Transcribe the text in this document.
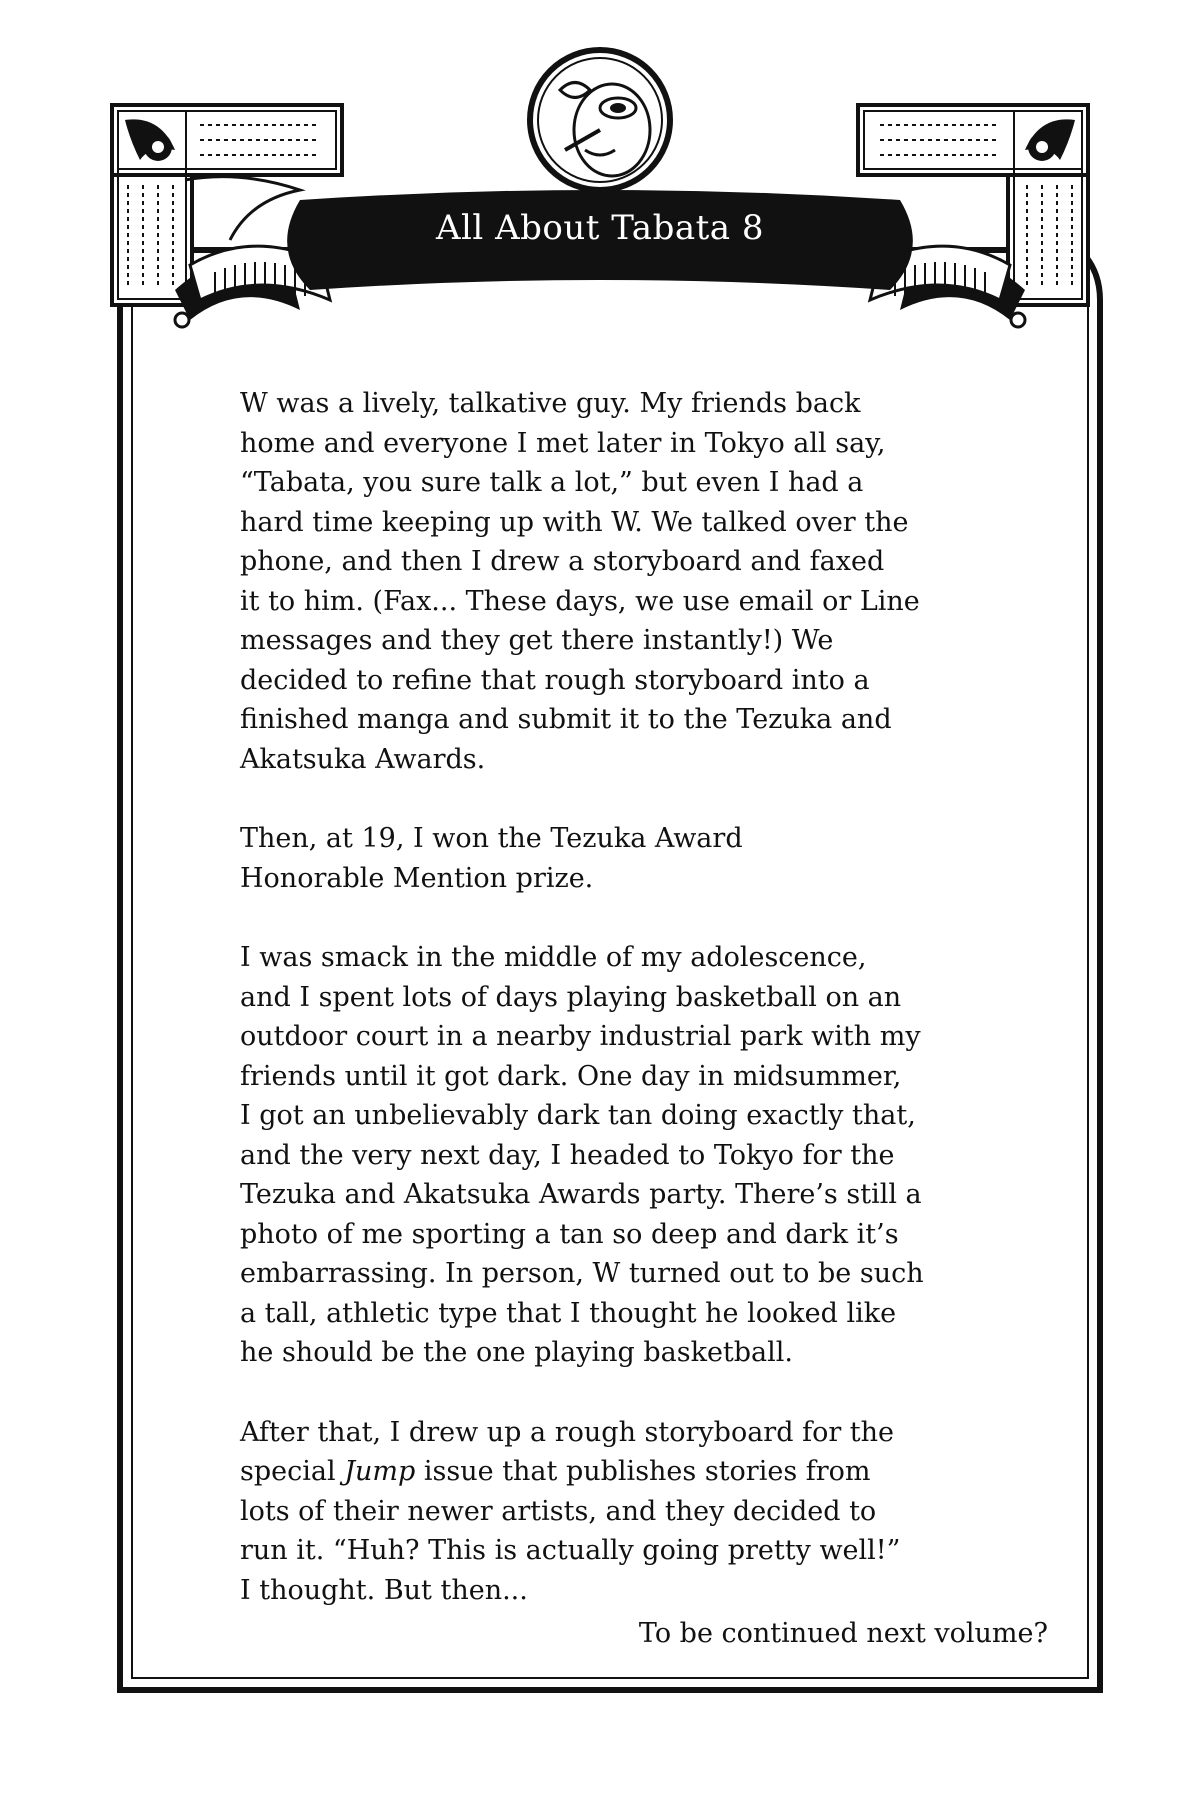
All About Tabata 8

W was a lively, talkative guy. My friends back
home and everyone I met later in Tokyo all say,
“Tabata, you sure talk a lot,” but even I had a
hard time keeping up with W. We talked over the
phone, and then I drew a storyboard and faxed
it to him. (Fax... These days, we use email or Line
messages and they get there instantly!) We
decided to refine that rough storyboard into a
finished manga and submit it to the Tezuka and
Akatsuka Awards.

Then, at 19, I won the Tezuka Award
Honorable Mention prize.

I was smack in the middle of my adolescence,
and I spent lots of days playing basketball on an
outdoor court in a nearby industrial park with my
friends until it got dark. One day in midsummer,
I got an unbelievably dark tan doing exactly that,
and the very next day, I headed to Tokyo for the
Tezuka and Akatsuka Awards party. There’s still a
photo of me sporting a tan so deep and dark it’s
embarrassing. In person, W turned out to be such
a tall, athletic type that I thought he looked like
he should be the one playing basketball.

After that, I drew up a rough storyboard for the
special Jump issue that publishes stories from
lots of their newer artists, and they decided to
run it. “Huh? This is actually going pretty well!”
I thought. But then...

To be continued next volume?
